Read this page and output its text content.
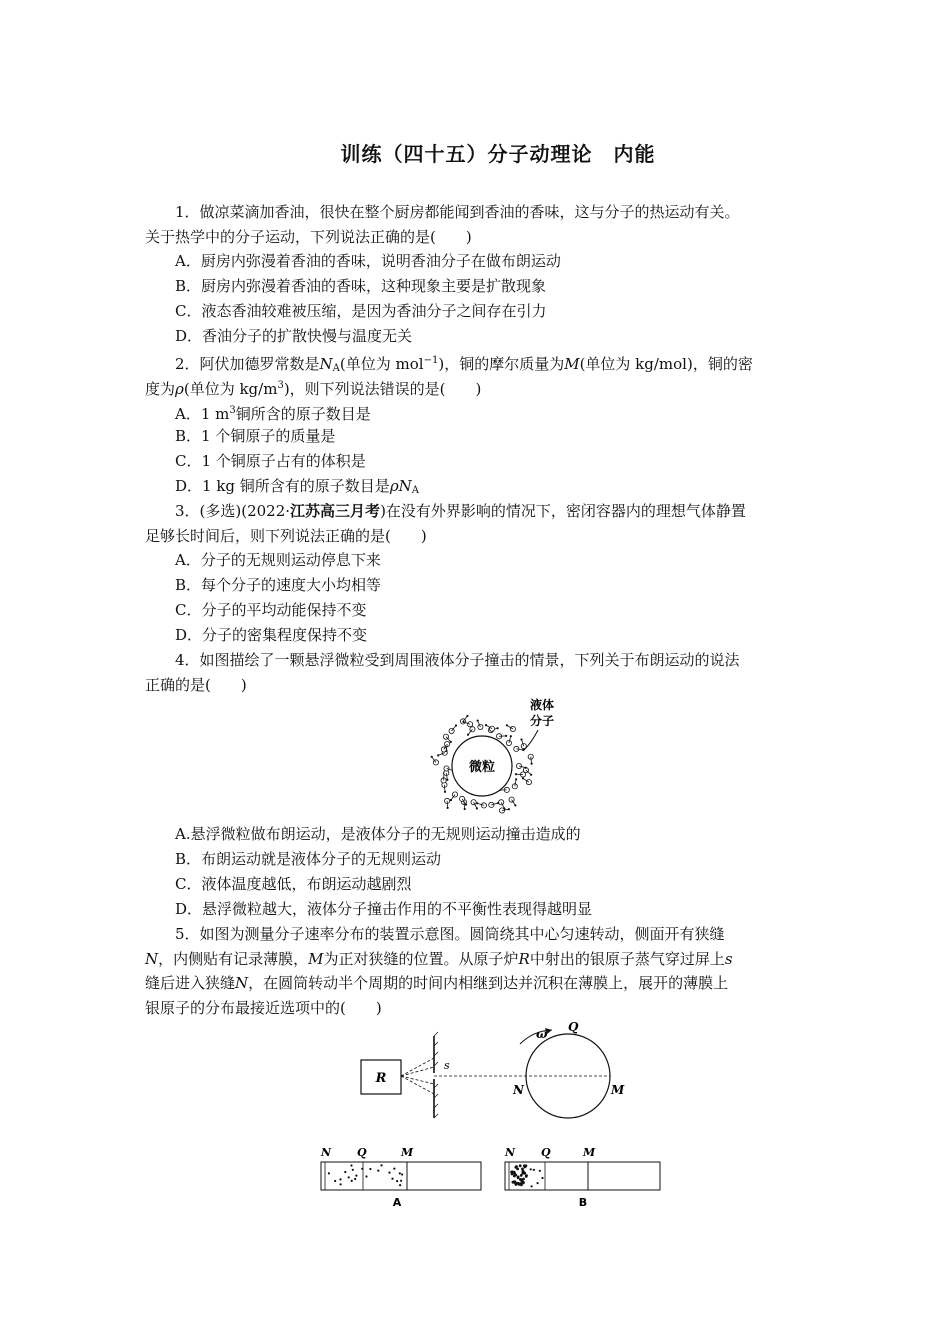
训练（四十五）分子动理论　内能
1．做凉菜滴加香油，很快在整个厨房都能闻到香油的香味，这与分子的热运动有关。
关于热学中的分子运动，下列说法正确的是(　　)
A．厨房内弥漫着香油的香味，说明香油分子在做布朗运动
B．厨房内弥漫着香油的香味，这种现象主要是扩散现象
C．液态香油较难被压缩，是因为香油分子之间存在引力
D．香油分子的扩散快慢与温度无关
2．阿伏加德罗常数是$N_A$(单位为 mol$^{-1}$)，铜的摩尔质量为M(单位为 kg/mol)，铜的密
度为ρ(单位为 $kg/m^3$)，则下列说法错误的是(　　)
A．1 $m^3$铜所含的原子数目是
B．1 个铜原子的质量是
C．1 个铜原子占有的体积是
D．1 kg 铜所含有的原子数目是$\rho N_A$
3．(多选)(2022·江苏高三月考)在没有外界影响的情况下，密闭容器内的理想气体静置
足够长时间后，则下列说法正确的是(　　)
A．分子的无规则运动停息下来
B．每个分子的速度大小均相等
C．分子的平均动能保持不变
D．分子的密集程度保持不变
4．如图描绘了一颗悬浮微粒受到周围液体分子撞击的情景，下列关于布朗运动的说法
正确的是(　　)
微粒
液体
分子
A.悬浮微粒做布朗运动，是液体分子的无规则运动撞击造成的
B．布朗运动就是液体分子的无规则运动
C．液体温度越低，布朗运动越剧烈
D．悬浮微粒越大，液体分子撞击作用的不平衡性表现得越明显
5．如图为测量分子速率分布的装置示意图。圆筒绕其中心匀速转动，侧面开有狭缝
N，内侧贴有记录薄膜，M为正对狭缝的位置。从原子炉R中射出的银原子蒸气穿过屏上s
缝后进入狭缝N，在圆筒转动半个周期的时间内相继到达并沉积在薄膜上，展开的薄膜上
银原子的分布最接近选项中的(　　)
R
s
ω Q
N	M
N Q	M
A
N Q	M
B
